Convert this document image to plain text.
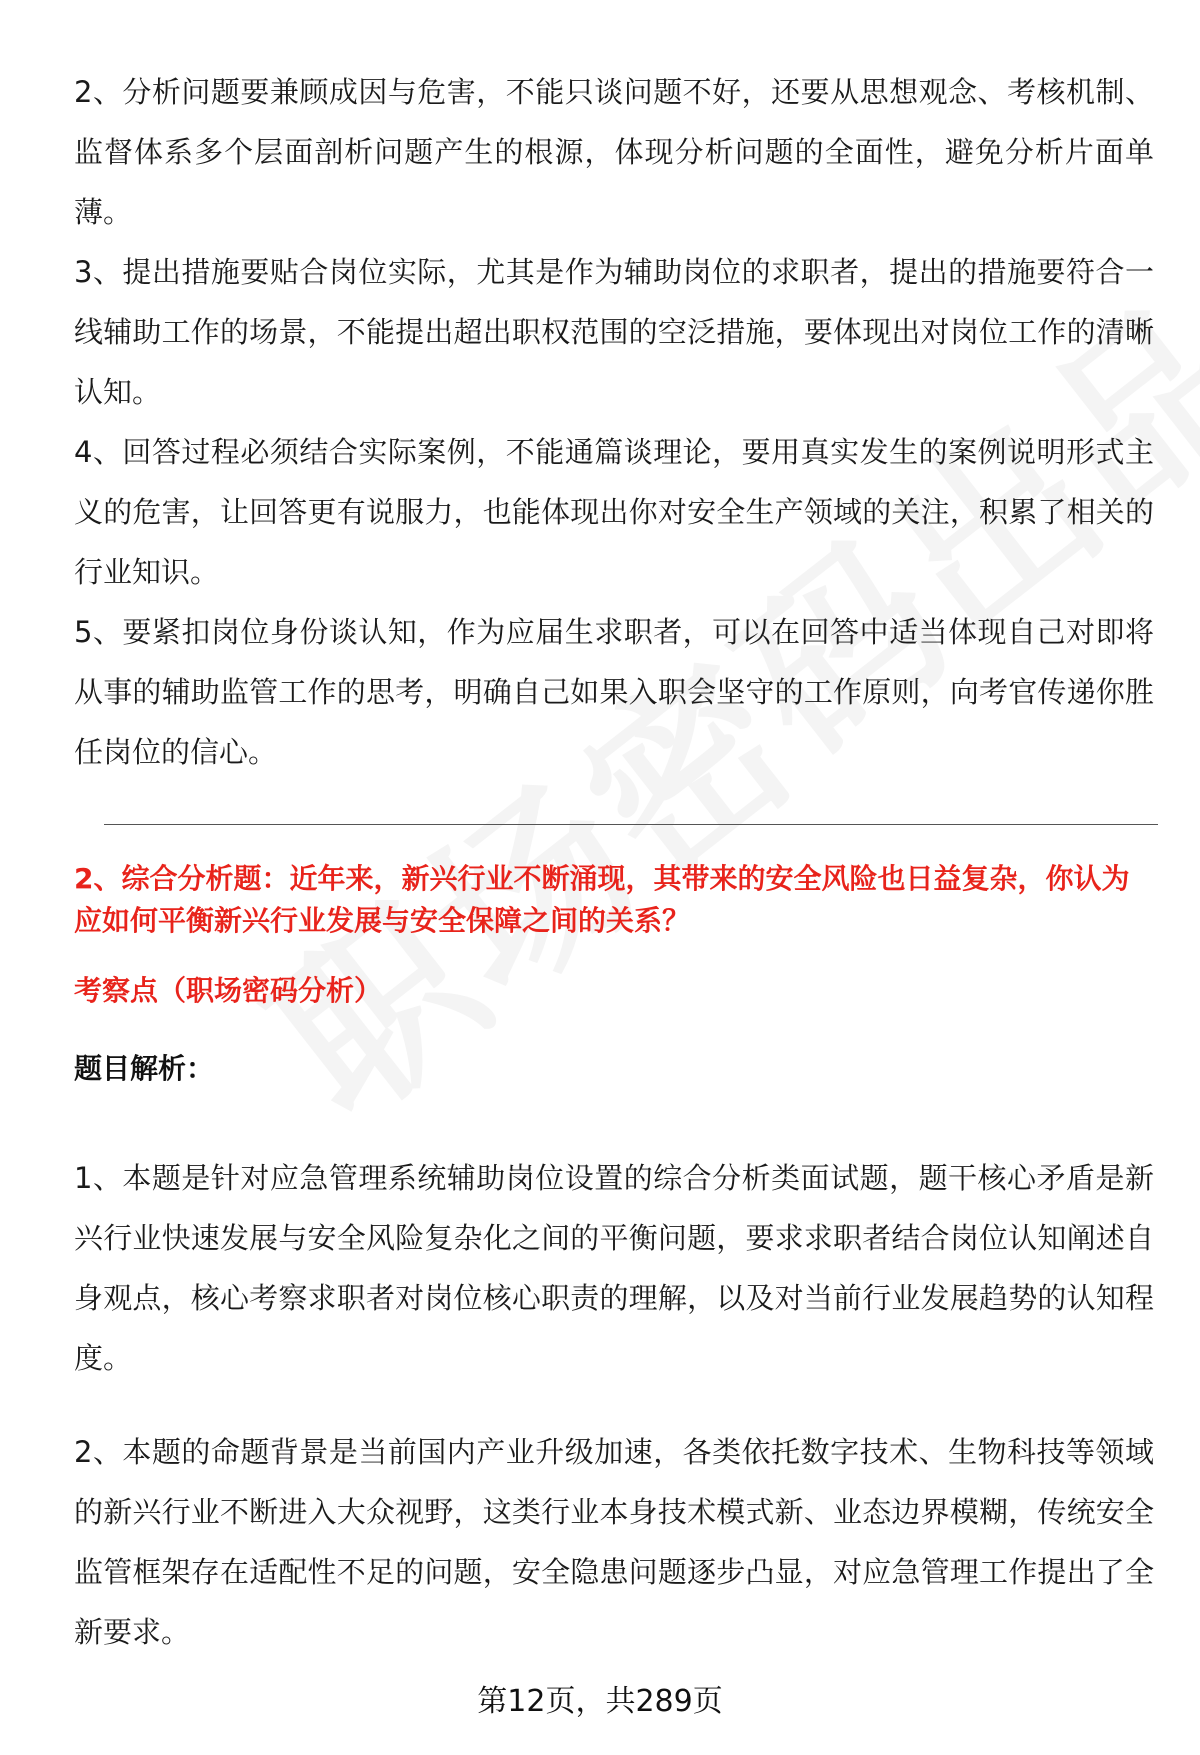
2、分析问题要兼顾成因与危害，不能只谈问题不好，还要从思想观念、考核机制、监督体系多个层面剖析问题产生的根源，体现分析问题的全面性，避免分析片面单薄。

3、提出措施要贴合岗位实际，尤其是作为辅助岗位的求职者，提出的措施要符合一线辅助工作的场景，不能提出超出职权范围的空泛措施，要体现出对岗位工作的清晰认知。

4、回答过程必须结合实际案例，不能通篇谈理论，要用真实发生的案例说明形式主义的危害，让回答更有说服力，也能体现出你对安全生产领域的关注，积累了相关的行业知识。

5、要紧扣岗位身份谈认知，作为应届生求职者，可以在回答中适当体现自己对即将从事的辅助监管工作的思考，明确自己如果入职会坚守的工作原则，向考官传递你胜任岗位的信心。

2、综合分析题：近年来，新兴行业不断涌现，其带来的安全风险也日益复杂，你认为应如何平衡新兴行业发展与安全保障之间的关系？

考察点（职场密码分析）

题目解析：

1、本题是针对应急管理系统辅助岗位设置的综合分析类面试题，题干核心矛盾是新兴行业快速发展与安全风险复杂化之间的平衡问题，要求求职者结合岗位认知阐述自身观点，核心考察求职者对岗位核心职责的理解，以及对当前行业发展趋势的认知程度。

2、本题的命题背景是当前国内产业升级加速，各类依托数字技术、生物科技等领域的新兴行业不断进入大众视野，这类行业本身技术模式新、业态边界模糊，传统安全监管框架存在适配性不足的问题，安全隐患问题逐步凸显，对应急管理工作提出了全新要求。

第12页，共289页
